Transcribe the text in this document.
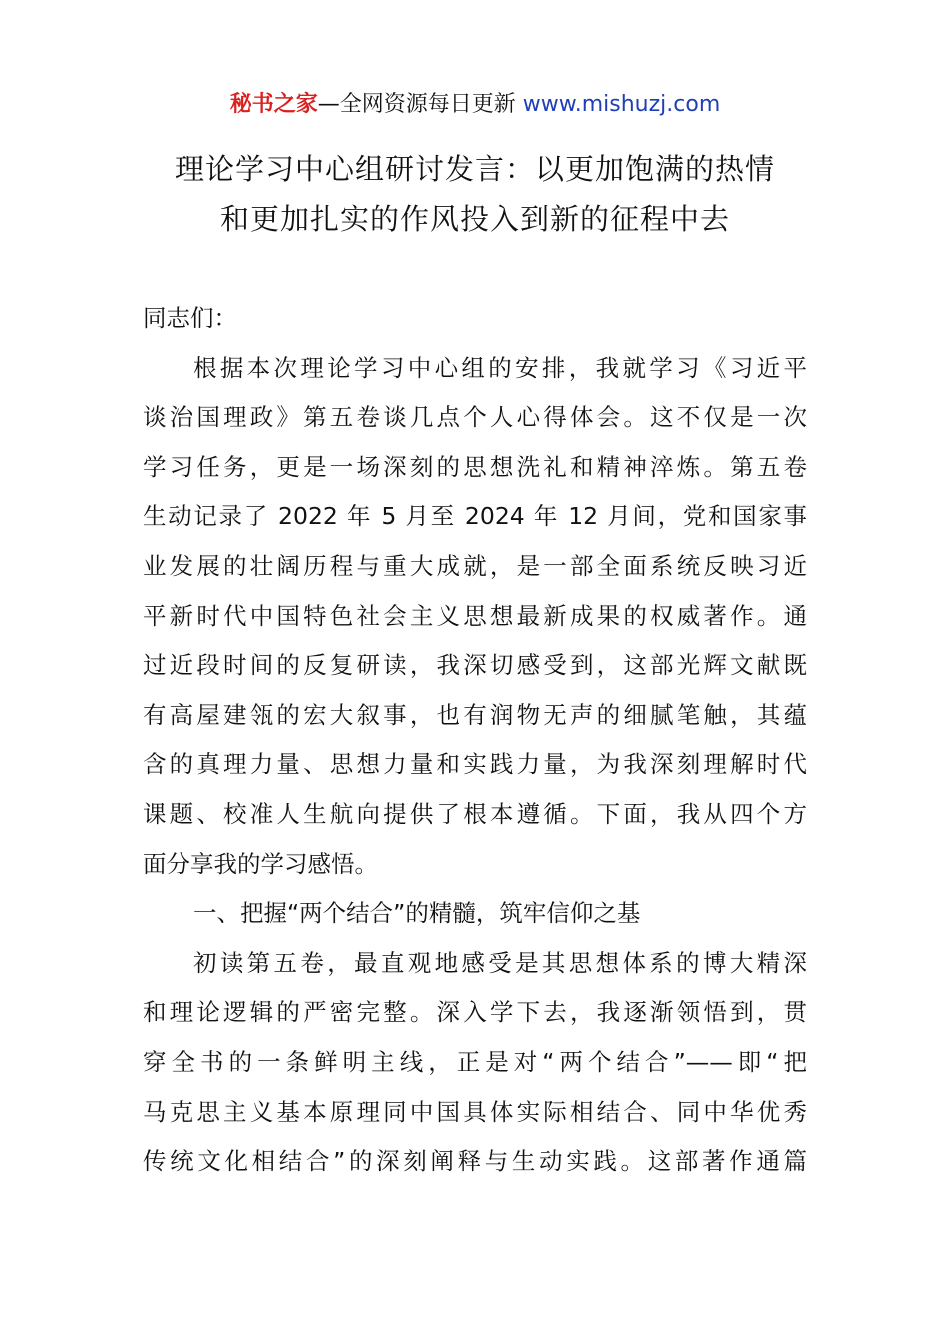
秘书之家—全网资源每日更新 www.mishuzj.com
理论学习中心组研讨发言：以更加饱满的热情
和更加扎实的作风投入到新的征程中去
同志们：
根据本次理论学习中心组的安排，我就学习《习近平
谈治国理政》第五卷谈几点个人心得体会。这不仅是一次
学习任务，更是一场深刻的思想洗礼和精神淬炼。第五卷
生动记录了 2022 年 5 月至 2024 年 12 月间，党和国家事
业发展的壮阔历程与重大成就，是一部全面系统反映习近
平新时代中国特色社会主义思想最新成果的权威著作。通
过近段时间的反复研读，我深切感受到，这部光辉文献既
有高屋建瓴的宏大叙事，也有润物无声的细腻笔触，其蕴
含的真理力量、思想力量和实践力量，为我深刻理解时代
课题、校准人生航向提供了根本遵循。下面，我从四个方
面分享我的学习感悟。
一、把握“两个结合”的精髓，筑牢信仰之基
初读第五卷，最直观地感受是其思想体系的博大精深
和理论逻辑的严密完整。深入学下去，我逐渐领悟到，贯
穿全书的一条鲜明主线，正是对“两个结合”——即“把
马克思主义基本原理同中国具体实际相结合、同中华优秀
传统文化相结合”的深刻阐释与生动实践。这部著作通篇
